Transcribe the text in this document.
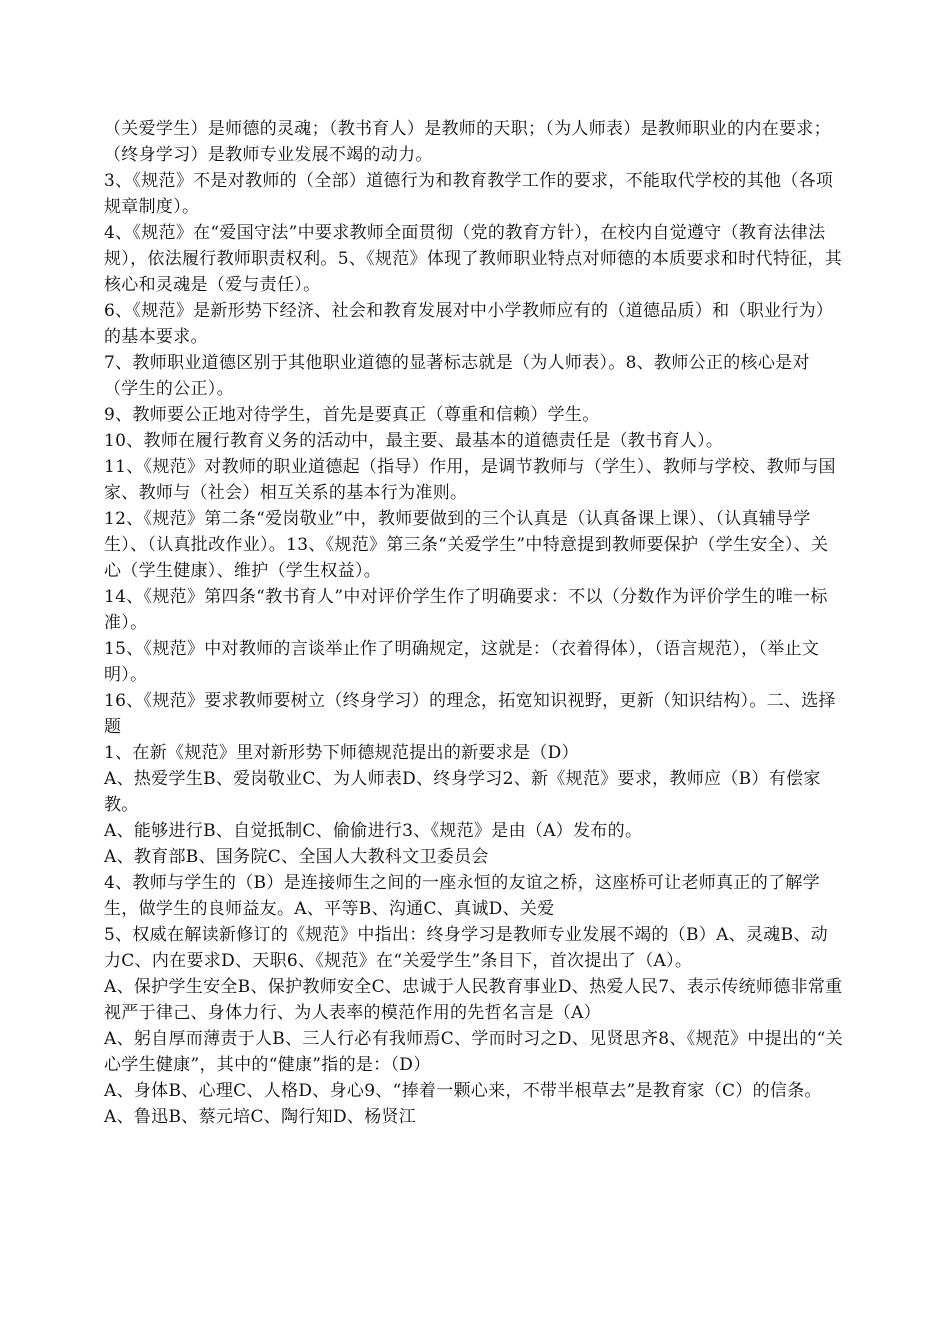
（关爱学生）是师德的灵魂；（教书育人）是教师的天职；（为人师表）是教师职业的内在要求；（终身学习）是教师专业发展不竭的动力。

3、《规范》不是对教师的（全部）道德行为和教育教学工作的要求，不能取代学校的其他（各项规章制度）。

4、《规范》在“爱国守法”中要求教师全面贯彻（党的教育方针），在校内自觉遵守（教育法律法规），依法履行教师职责权利。5、《规范》体现了教师职业特点对师德的本质要求和时代特征，其核心和灵魂是（爱与责任）。

6、《规范》是新形势下经济、社会和教育发展对中小学教师应有的（道德品质）和（职业行为）的基本要求。

7、教师职业道德区别于其他职业道德的显著标志就是（为人师表）。8、教师公正的核心是对（学生的公正）。

9、教师要公正地对待学生，首先是要真正（尊重和信赖）学生。

10、教师在履行教育义务的活动中，最主要、最基本的道德责任是（教书育人）。

11、《规范》对教师的职业道德起（指导）作用，是调节教师与（学生）、教师与学校、教师与国家、教师与（社会）相互关系的基本行为准则。

12、《规范》第二条“爱岗敬业”中，教师要做到的三个认真是（认真备课上课）、（认真辅导学生）、（认真批改作业）。13、《规范》第三条“关爱学生”中特意提到教师要保护（学生安全）、关心（学生健康）、维护（学生权益）。

14、《规范》第四条“教书育人”中对评价学生作了明确要求：不以（分数作为评价学生的唯一标准）。

15、《规范》中对教师的言谈举止作了明确规定，这就是：（衣着得体），（语言规范），（举止文明）。

16、《规范》要求教师要树立（终身学习）的理念，拓宽知识视野，更新（知识结构）。二、选择题

1、在新《规范》里对新形势下师德规范提出的新要求是（D）

A、热爱学生B、爱岗敬业C、为人师表D、终身学习2、新《规范》要求，教师应（B）有偿家教。

A、能够进行B、自觉抵制C、偷偷进行3、《规范》是由（A）发布的。

A、教育部B、国务院C、全国人大教科文卫委员会

4、教师与学生的（B）是连接师生之间的一座永恒的友谊之桥，这座桥可让老师真正的了解学生，做学生的良师益友。A、平等B、沟通C、真诚D、关爱

5、权威在解读新修订的《规范》中指出：终身学习是教师专业发展不竭的（B）A、灵魂B、动力C、内在要求D、天职6、《规范》在“关爱学生”条目下，首次提出了（A）。

A、保护学生安全B、保护教师安全C、忠诚于人民教育事业D、热爱人民7、表示传统师德非常重视严于律己、身体力行、为人表率的模范作用的先哲名言是（A）

A、躬自厚而薄责于人B、三人行必有我师焉C、学而时习之D、见贤思齐8、《规范》中提出的“关心学生健康”，其中的“健康”指的是：（D）

A、身体B、心理C、人格D、身心9、“捧着一颗心来，不带半根草去”是教育家（C）的信条。

A、鲁迅B、蔡元培C、陶行知D、杨贤江
